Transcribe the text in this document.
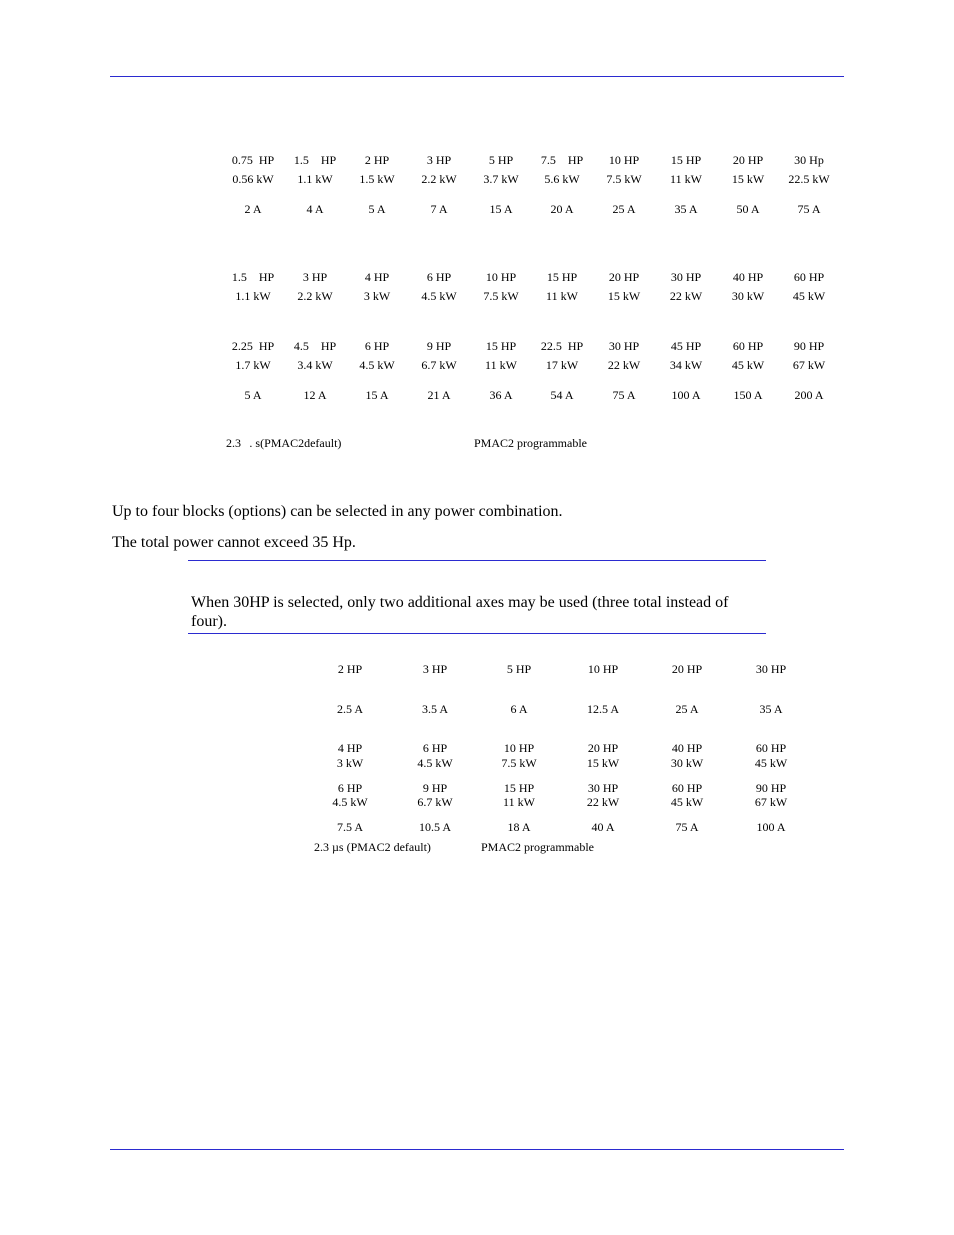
0.75  HP	1.5    HP	2 HP	3 HP	5 HP	7.5    HP	10 HP	15 HP	20 HP	30 Hp
0.56 kW	1.1 kW	1.5 kW	2.2 kW	3.7 kW	5.6 kW	7.5 kW	11 kW	15 kW	22.5 kW
2 A	4 A	5 A	7 A	15 A	20 A	25 A	35 A	50 A	75 A
1.5    HP	3 HP	4 HP	6 HP	10 HP	15 HP	20 HP	30 HP	40 HP	60 HP
1.1 kW	2.2 kW	3 kW	4.5 kW	7.5 kW	11 kW	15 kW	22 kW	30 kW	45 kW
2.25  HP	4.5    HP	6 HP	9 HP	15 HP	22.5  HP	30 HP	45 HP	60 HP	90 HP
1.7 kW	3.4 kW	4.5 kW	6.7 kW	11 kW	17 kW	22 kW	34 kW	45 kW	67 kW
5 A	12 A	15 A	21 A	36 A	54 A	75 A	100 A	150 A	200 A
2.3   . s(PMAC2default)	PMAC2 programmable
Up to four blocks (options) can be selected in any power combination.
The total power cannot exceed 35 Hp.
When 30HP is selected, only two additional axes may be used (three total instead of four).
2 HP	3 HP	5 HP	10 HP	20 HP	30 HP
2.5 A	3.5 A	6 A	12.5 A	25 A	35 A
4 HP	6 HP	10 HP	20 HP	40 HP	60 HP
3 kW	4.5 kW	7.5 kW	15 kW	30 kW	45 kW
6 HP	9 HP	15 HP	30 HP	60 HP	90 HP
4.5 kW	6.7 kW	11 kW	22 kW	45 kW	67 kW
7.5 A	10.5 A	18 A	40 A	75 A	100 A
2.3 µs (PMAC2 default)	PMAC2 programmable
